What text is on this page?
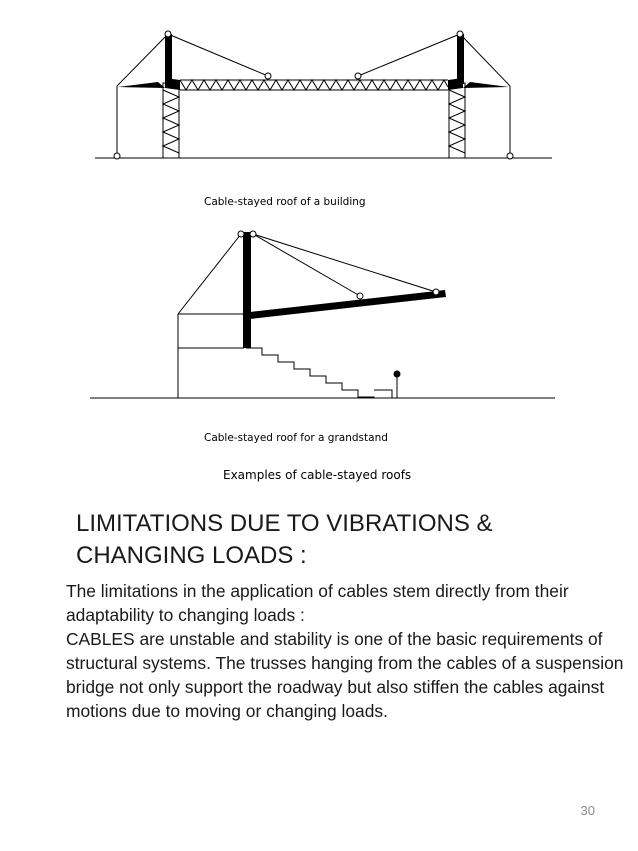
Cable-stayed roof of a building
Cable-stayed roof for a grandstand
Examples of cable-stayed roofs
LIMITATIONS DUE TO VIBRATIONS &
CHANGING LOADS :

The limitations in the application of cables stem directly from their adaptability to changing loads :

CABLES are unstable and stability is one of the basic requirements of structural systems. The trusses hanging from the cables of a suspension bridge not only support the roadway but also stiffen the cables against motions due to moving or changing loads.

30
